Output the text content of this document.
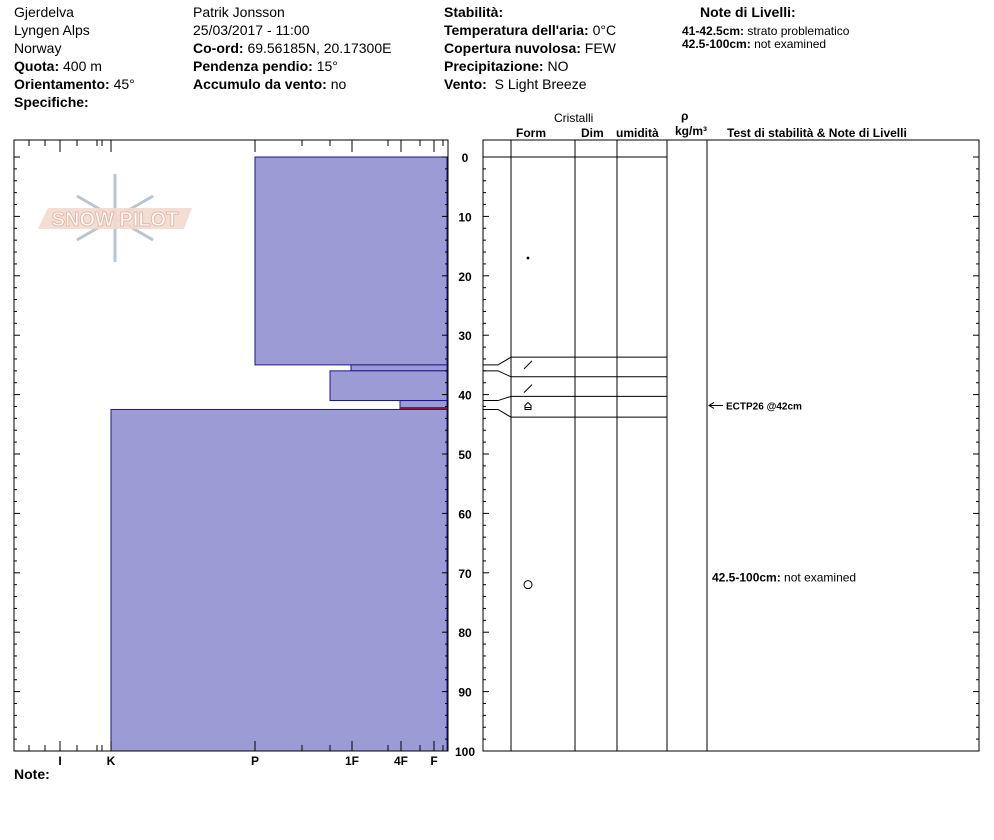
Gjerdelva
Lyngen Alps
Norway
Quota: 400 m
Orientamento: 45°
Specifiche:
Patrik Jonsson
25/03/2017 - 11:00
Co-ord: 69.56185N, 20.17300E
Pendenza pendio: 15°
Accumulo da vento: no
Stabilità:
Temperatura dell'aria: 0°C
Copertura nuvolosa: FEW
Precipitazione: NO
Vento: S Light Breeze
Note di Livelli:
41-42.5cm: strato problematico
42.5-100cm: not examined
Cristalli
Form	Dim umidità
ρ
kg/m³ Test di stabilità & Note di Livelli
SNOW PILOT
I	K	P	1F	4F F
0
10
20
30
40
50
60
70
80
90
100
ECTP26 @42cm
42.5-100cm: not examined
Note:
